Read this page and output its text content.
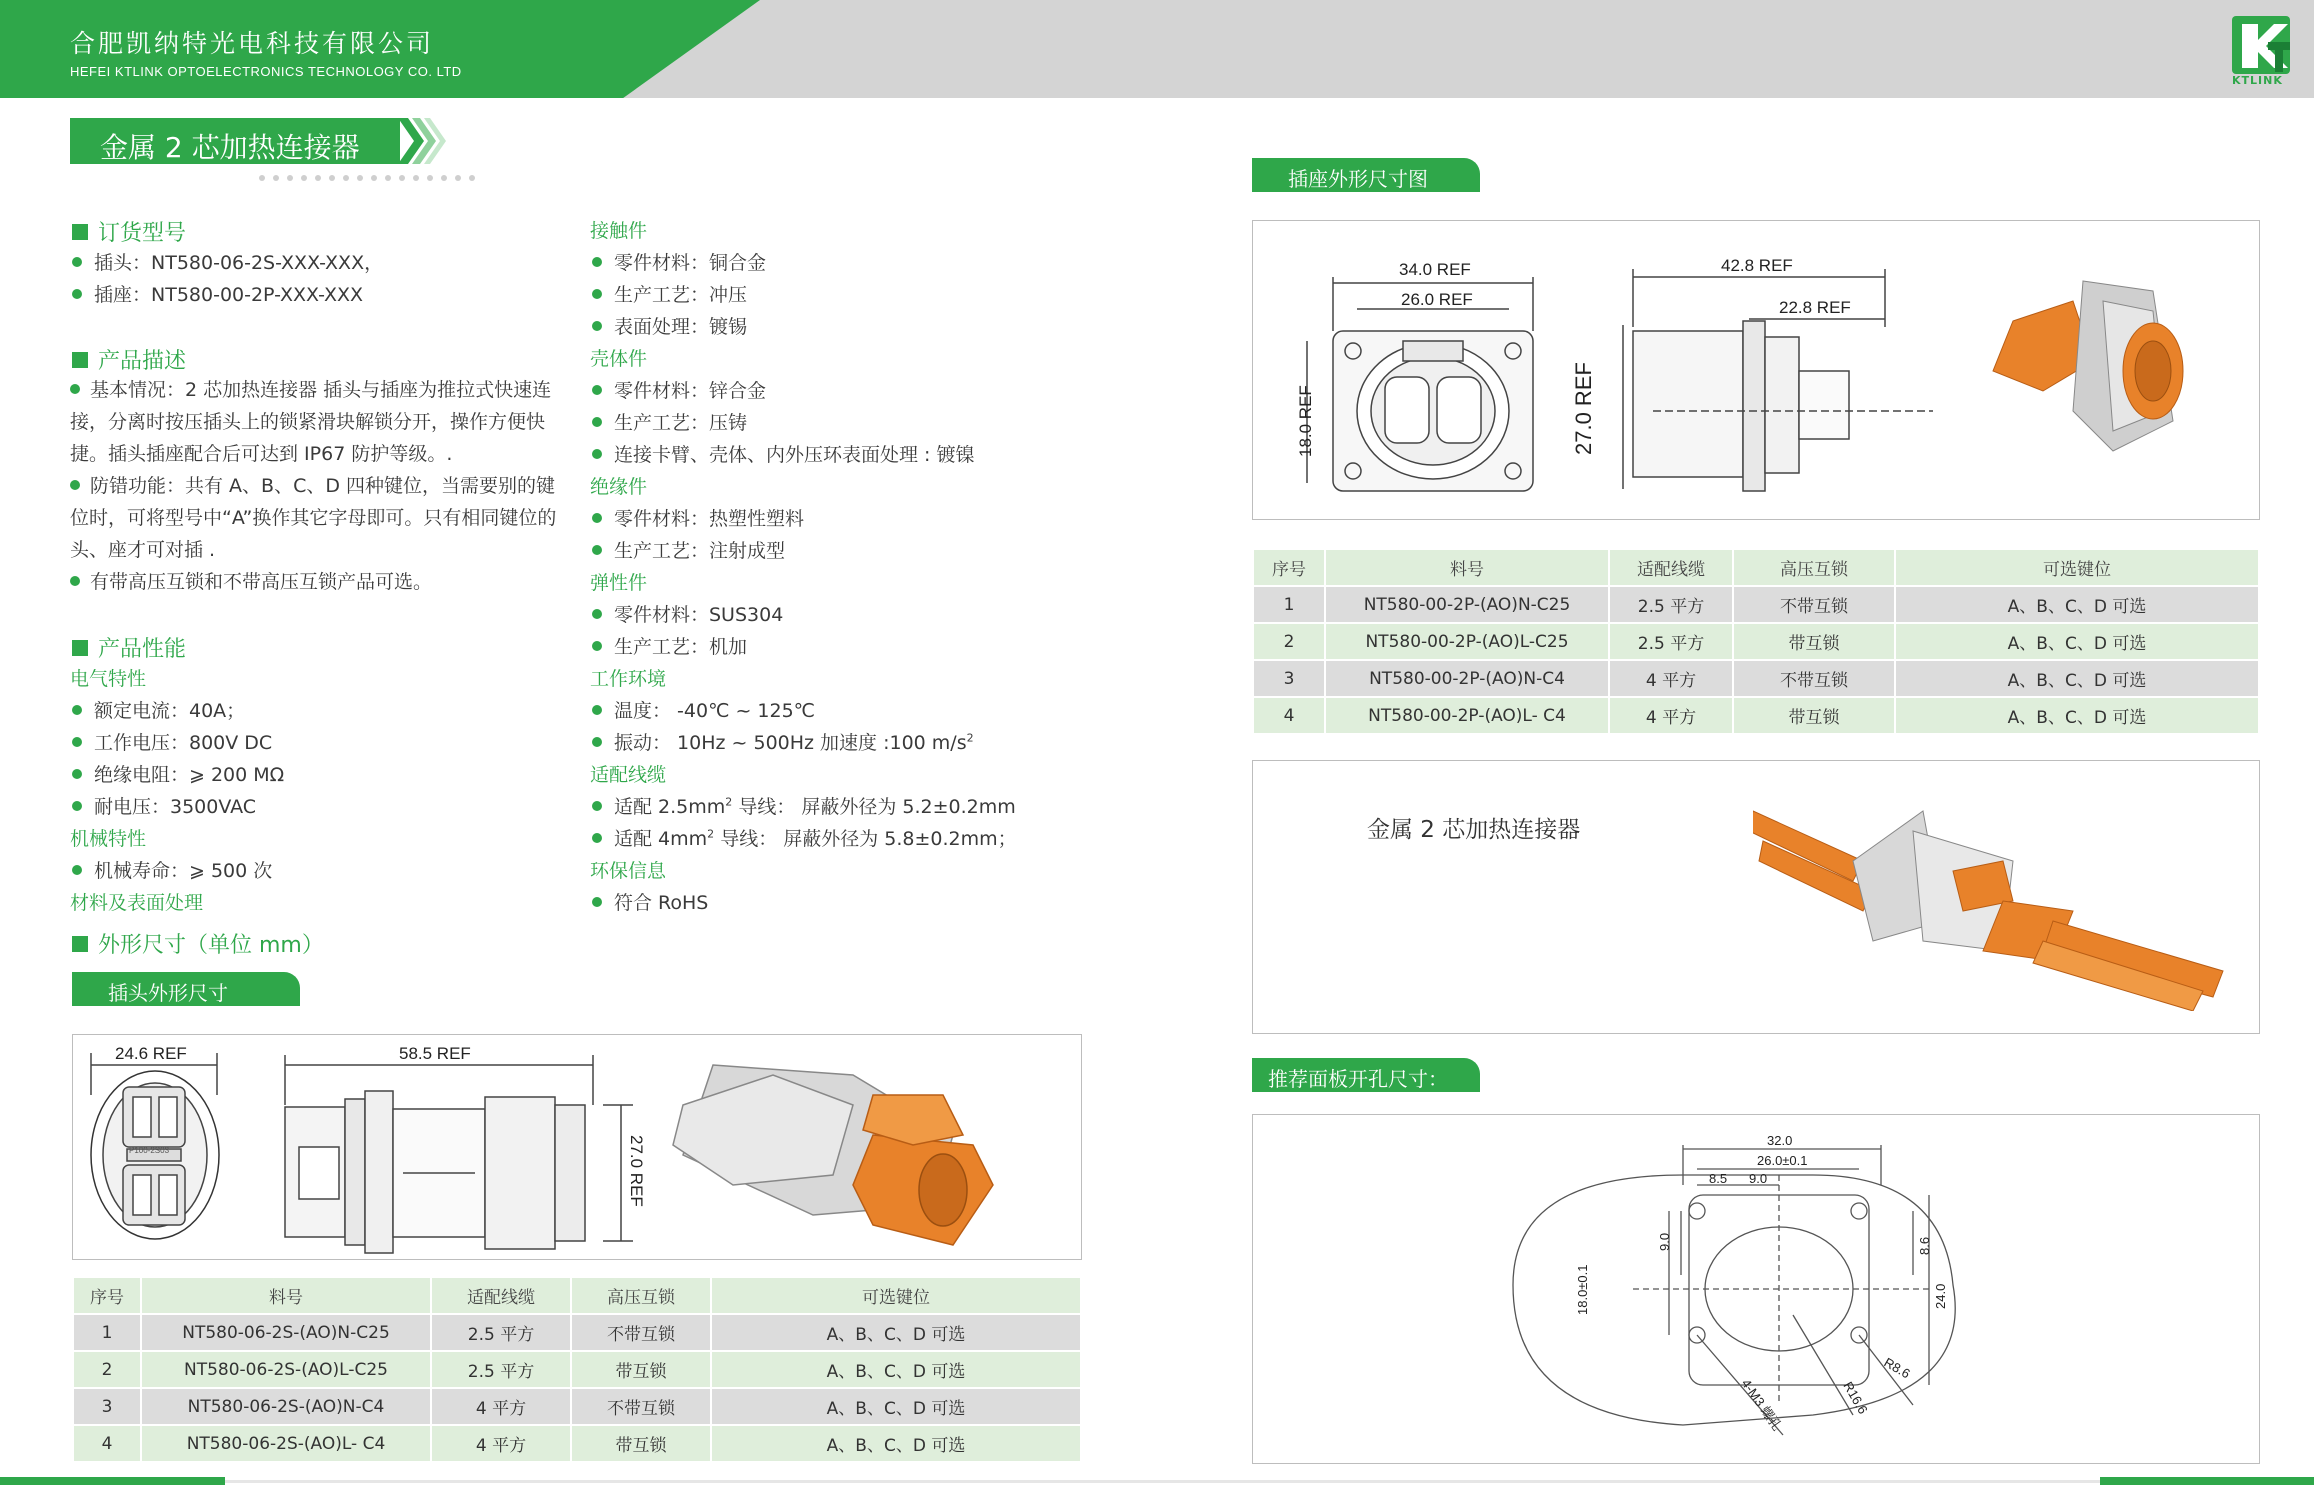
合肥凯纳特光电科技有限公司
HEFEI KTLINK OPTOELECTRONICS TECHNOLOGY CO. LTD
KTLINK
金属 2 芯加热连接器
订货型号
插头：NT580-06-2S-XXX-XXX，
插座：NT580-00-2P-XXX-XXX
产品描述
基本情况：2 芯加热连接器 插头与插座为推拉式快速连接，分离时按压插头上的锁紧滑块解锁分开，操作方便快捷。插头插座配合后可达到 IP67 防护等级。.
防错功能：共有 A、B、C、D 四种键位，当需要别的键位时，可将型号中“A”换作其它字母即可。只有相同键位的头、座才可对插 .
有带高压互锁和不带高压互锁产品可选。
产品性能
电气特性
额定电流：40A；
工作电压：800V DC
绝缘电阻：⩾ 200 MΩ
耐电压：3500VAC
机械特性
机械寿命：⩾ 500 次
材料及表面处理
外形尺寸（单位 mm）
接触件
零件材料：铜合金
生产工艺：冲压
表面处理：镀锡
壳体件
零件材料：锌合金
生产工艺：压铸
连接卡臂、壳体、内外压环表面处理 : 镀镍
绝缘件
零件材料：热塑性塑料
生产工艺：注射成型
弹性件
零件材料：SUS304
生产工艺：机加
工作环境
温度： -40℃ ~ 125℃
振动： 10Hz ~ 500Hz 加速度 :100 $m/s^2$
适配线缆
适配 $2.5mm^2$ 导线： 屏蔽外径为 5.2±0.2mm
适配 $4mm^2$ 导线： 屏蔽外径为 5.8±0.2mm；
环保信息
符合 RoHS
插头外形尺寸
24.6 REF	58.5 REF
27.0 REF
P100-2S03
序号	料号	适配线缆	高压互锁	可选键位
1	NT580-06-2S-(AO)N-C25	2.5 平方	不带互锁	A、B、C、D 可选
2	NT580-06-2S-(AO)L-C25	2.5 平方	带互锁	A、B、C、D 可选
3	NT580-06-2S-(AO)N-C4	4 平方	不带互锁	A、B、C、D 可选
4	NT580-06-2S-(AO)L- C4	4 平方	带互锁	A、B、C、D 可选
插座外形尺寸图
34.0 REF
26.0 REF
18.0 REF
42.8 REF
22.8 REF
27.0 REF
序号	料号	适配线缆	高压互锁	可选键位
1	NT580-00-2P-(AO)N-C25	2.5 平方	不带互锁	A、B、C、D 可选
2	NT580-00-2P-(AO)L-C25	2.5 平方	带互锁	A、B、C、D 可选
3	NT580-00-2P-(AO)N-C4	4 平方	不带互锁	A、B、C、D 可选
4	NT580-00-2P-(AO)L- C4	4 平方	带互锁	A、B、C、D 可选
金属 2 芯加热连接器
推荐面板开孔尺寸：
32.0
26.0±0.1
8.5 9.0
18.0±0.1
9.0	8.6
24.0
R8.6
R16.6
4-M3 螺孔
